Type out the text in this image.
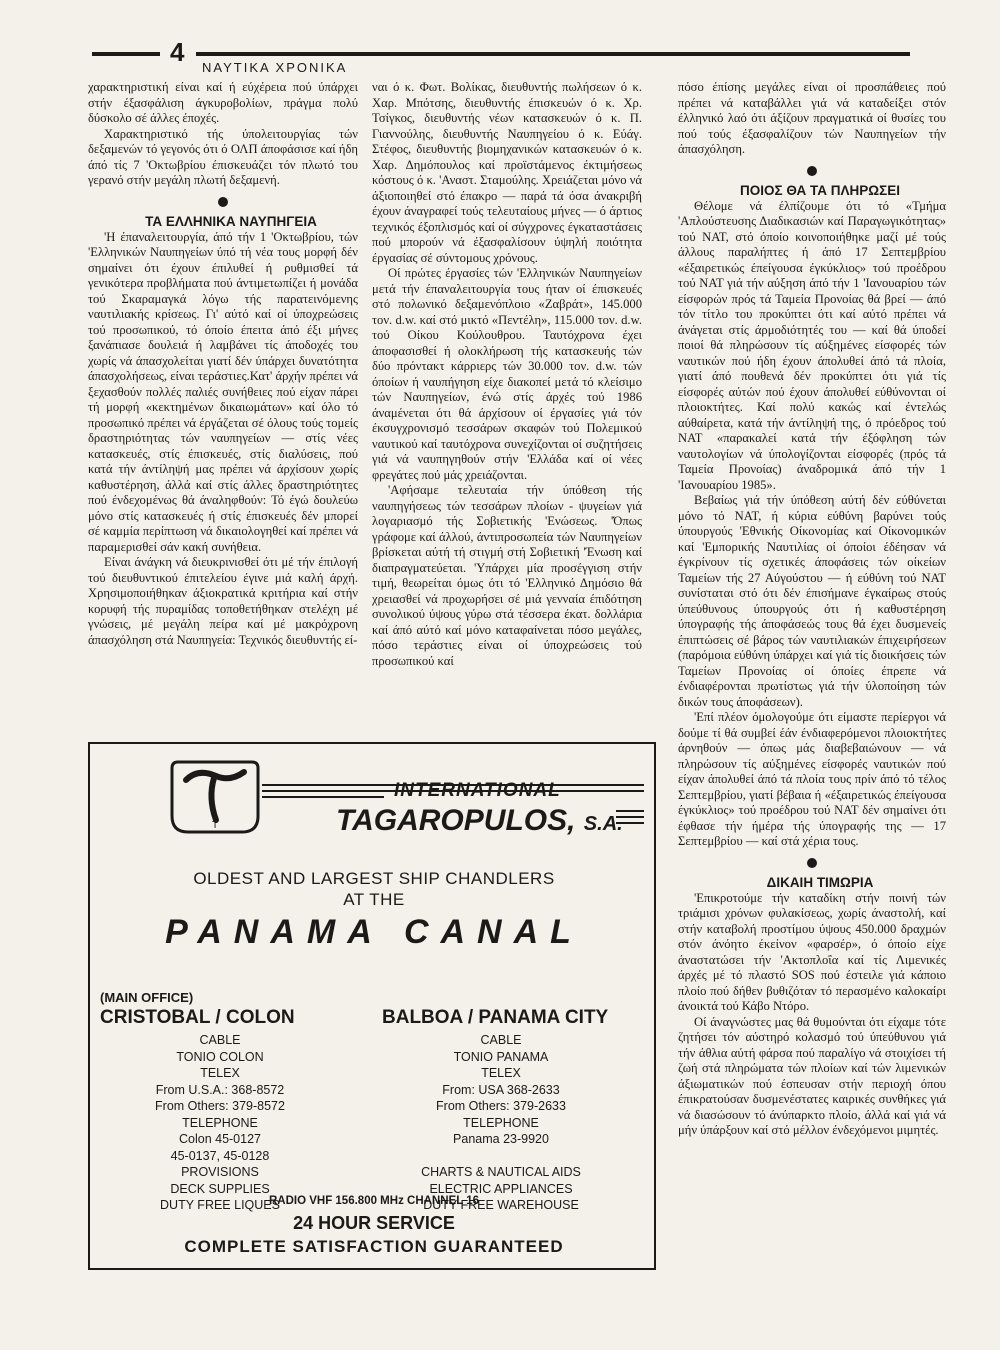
4
ΝΑΥΤΙΚΑ ΧΡΟΝΙΚΑ

χαρακτηριστική είναι καί ή εύχέρεια πού ύπάρχει στήν έξασφάλιση άγκυροβολίων, πράγμα πολύ δύσκολο σέ άλλες έποχές.

Χαρακτηριστικό τής ύπολειτουργίας τών δεξαμενών τό γεγονός ότι ό ΟΛΠ άποφάσισε καί ήδη άπό τίς 7 'Οκτωβρίου έπισκευάζει τόν πλωτό του γερανό στήν μεγάλη πλωτή δεξαμενή.

ΤΑ ΕΛΛΗΝΙΚΑ ΝΑΥΠΗΓΕΙΑ

'Η έπαναλειτουργία, άπό τήν 1 'Οκτωβρίου, τών 'Ελληνικών Ναυπηγείων ύπό τή νέα τους μορφή δέν σημαίνει ότι έχουν έπιλυθεί ή ρυθμισθεί τά γενικότερα προβλήματα πού άντιμετωπίζει ή μονάδα τού Σκαραμαγκά λόγω τής παρατεινόμενης ναυτιλιακής κρίσεως. Γι' αύτό καί οί ύποχρεώσεις τού προσωπικού, τό όποίο έπειτα άπό έξι μήνες ξανάπιασε δουλειά ή λαμβάνει τίς άποδοχές του χωρίς νά άπασχολείται γιατί δέν ύπάρχει δυνατότητα άπασχολήσεως, είναι τεράστιες.Κατ' άρχήν πρέπει νά ξεχασθούν πολλές παλιές συνήθειες πού είχαν πάρει τή μορφή «κεκτημένων δικαιωμάτων» καί όλο τό προσωπικό πρέπει νά έργάζεται σέ όλους τούς τομείς δραστηριότητας τών ναυπηγείων — στίς νέες κατασκευές, στίς έπισκευές, στίς διαλύσεις, πού κατά τήν άντίληψή μας πρέπει νά άρχίσουν χωρίς καθυστέρηση, άλλά καί στίς άλλες δραστηριότητες πού ένδεχομένως θά άναληφθούν: Τό έγώ δουλεύω μόνο στίς κατασκευές ή στίς έπισκευές δέν μπορεί σέ καμμία περίπτωση νά δικαιολογηθεί καί πρέπει νά παραμερισθεί σάν κακή συνήθεια.

Είναι άνάγκη νά διευκρινισθεί ότι μέ τήν έπιλογή τού διευθυντικού έπιτελείου έγινε μιά καλή άρχή. Χρησιμοποιήθηκαν άξιοκρατικά κριτήρια καί στήν κορυφή τής πυραμίδας τοποθετήθηκαν στελέχη μέ γνώσεις, μέ μεγάλη πείρα καί μέ μακρόχρονη άπασχόληση στά Ναυπηγεία: Τεχνικός διευθυντής εί-

ναι ό κ. Φωτ. Βολίκας, διευθυντής πωλήσεων ό κ. Χαρ. Μπότσης, διευθυντής έπισκευών ό κ. Χρ. Τσίγκος, διευθυντής νέων κατασκευών ό κ. Π. Γιαννούλης, διευθυντής Ναυπηγείου ό κ. Εύάγ. Στέφος, διευθυντής βιομηχανικών κατασκευών ό κ. Χαρ. Δημόπουλος καί προϊστάμενος έκτιμήσεως κόστους ό κ. 'Αναστ. Σταμούλης. Χρειάζεται μόνο νά άξιοποιηθεί στό έπακρο — παρά τά όσα άνακριβή έχουν άναγραφεί τούς τελευταίους μήνες — ό άρτιος τεχνικός έξοπλισμός καί οί σύγχρονες έγκαταστάσεις πού μπορούν νά έξασφαλίσουν ύψηλή ποιότητα έργασίας σέ σύντομους χρόνους.

Οί πρώτες έργασίες τών 'Ελληνικών Ναυπηγείων μετά τήν έπαναλειτουργία τους ήταν οί έπισκευές στό πολωνικό δεξαμενόπλοιο «Ζαβράτ», 145.000 τον. d.w. καί στό μικτό «Πεντέλη», 115.000 τον. d.w. τού Οίκου Κούλουθρου. Ταυτόχρονα έχει άποφασισθεί ή ολοκλήρωση τής κατασκευής τών δύο πρόντακτ κάρριερς τών 30.000 τον. d.w. τών όποίων ή ναυπήγηση είχε διακοπεί μετά τό κλείσιμο τών Ναυπηγείων, ένώ στίς άρχές τού 1986 άναμένεται ότι θά άρχίσουν οί έργασίες γιά τόν έκσυγχρονισμό τεσσάρων σκαφών τού Πολεμικού ναυτικού καί ταυτόχρονα συνεχίζονται οί συζητήσεις γιά νά ναυπηγηθούν στήν 'Ελλάδα καί οί νέες φρεγάτες πού μάς χρειάζονται.

'Αφήσαμε τελευταία τήν ύπόθεση τής ναυπηγήσεως τών τεσσάρων πλοίων - ψυγείων γιά λογαριασμό τής Σοβιετικής 'Ενώσεως. 'Όπως γράφομε καί άλλού, άντιπροσωπεία τών Ναυπηγείων βρίσκεται αύτή τή στιγμή στή Σοβιετική 'Ένωση καί διαπραγματεύεται. 'Υπάρχει μία προσέγγιση στήν τιμή, θεωρείται όμως ότι τό 'Ελληνικό Δημόσιο θά χρειασθεί νά προχωρήσει σέ μιά γενναία έπιδότηση συνολικού ύψους γύρω στά τέσσερα έκατ. δολλάρια καί άπό αύτό καί μόνο καταφαίνεται πόσο μεγάλες, πόσο τεράστιες είναι οί ύποχρεώσεις τού προσωπικού καί

πόσο έπίσης μεγάλες είναι οί προσπάθειες πού πρέπει νά καταβάλλει γιά νά καταδείξει στόν έλληνικό λαό ότι άξίζουν πραγματικά οί θυσίες του πού τούς έξασφαλίζουν τών Ναυπηγείων τήν άπασχόληση.

ΠΟΙΟΣ ΘΑ ΤΑ ΠΛΗΡΩΣΕΙ

Θέλομε νά έλπίζουμε ότι τό «Τμήμα 'Απλούστευσης Διαδικασιών καί Παραγωγικότητας» τού ΝΑΤ, στό όποίο κοινοποιήθηκε μαζί μέ τούς άλλους παραλήπτες ή άπό 17 Σεπτεμβρίου «έξαιρετικώς έπείγουσα έγκύκλιος» τού προέδρου τού ΝΑΤ γιά τήν αύξηση άπό τήν 1 'Ιανουαρίου τών είσφορών πρός τά Ταμεία Προνοίας θά βρεί — άπό τόν τίτλο του προκύπτει ότι καί αύτό πρέπει νά άνάγεται στίς άρμοδιότητές του — καί θά ύποδεί ποιοί θά πληρώσουν τίς αύξημένες είσφορές τών ναυτικών πού ήδη έχουν άπολυθεί άπό τά πλοία, γιατί άπό πουθενά δέν προκύπτει ότι γιά τίς είσφορές αύτών πού έχουν άπολυθεί εύθύνονται οί πλοιοκτήτες. Καί πολύ κακώς καί έντελώς αύθαίρετα, κατά τήν άντίληψή της, ό πρόεδρος τού ΝΑΤ «παρακαλεί κατά τήν έξόφληση τών ναυτολογίων νά ύπολογίζονται είσφορές (πρός τά Ταμεία Προνοίας) άναδρομικά άπό τήν 1 'Ιανουαρίου 1985».

Βεβαίως γιά τήν ύπόθεση αύτή δέν εύθύνεται μόνο τό ΝΑΤ, ή κύρια εύθύνη βαρύνει τούς ύπουργούς 'Εθνικής Οίκονομίας καί Οίκονομικών καί 'Εμπορικής Ναυτιλίας οί όποίοι έδέησαν νά έγκρίνουν τίς σχετικές άποφάσεις τών οίκείων Ταμείων τής 27 Αύγούστου — ή εύθύνη τού ΝΑΤ συνίσταται στό ότι δέν έπισήμανε έγκαίρως στούς ύπεύθυνους ύπουργούς ότι ή καθυστέρηση ύπογραφής τής άποφάσεώς τους θά έχει δυσμενείς έπιπτώσεις σέ βάρος τών ναυτιλιακών έπιχειρήσεων (παρόμοια εύθύνη ύπάρχει καί γιά τίς διοικήσεις τών Ταμείων Προνοίας οί όποίες έπρεπε νά ένδιαφέρονται πρωτίστως γιά τήν ύλοποίηση τών δικών τους άποφάσεων).

'Επί πλέον όμολογούμε ότι είμαστε περίεργοι νά δούμε τί θά συμβεί έάν ένδιαφερόμενοι πλοιοκτήτες άρνηθούν — όπως μάς διαβεβαιώνουν — νά πληρώσουν τίς αύξημένες είσφορές ναυτικών πού είχαν άπολυθεί άπό τά πλοία τους πρίν άπό τό τέλος Σεπτεμβρίου, γιατί βέβαια ή «έξαιρετικώς έπείγουσα έγκύκλιος» τού προέδρου τού ΝΑΤ δέν σημαίνει ότι έφθασε τήν ήμέρα τής ύπογραφής της — 17 Σεπτεμβρίου — καί στά χέρια τους.

ΔΙΚΑΙΗ ΤΙΜΩΡΙΑ

'Επικροτούμε τήν καταδίκη στήν ποινή τών τριάμισι χρόνων φυλακίσεως, χωρίς άναστολή, καί στήν καταβολή προστίμου ύψους 450.000 δραχμών στόν άνόητο έκείνον «φαρσέρ», ό όποίο είχε άναστατώσει τήν 'Ακτοπλοΐα καί τίς Λιμενικές άρχές μέ τό πλαστό SOS πού έστειλε γιά κάποιο πλοίο πού δήθεν βυθιζόταν τό περασμένο καλοκαίρι άνοικτά τού Κάβο Ντόρο.

Οί άναγνώστες μας θά θυμούνται ότι είχαμε τότε ζητήσει τόν αύστηρό κολασμό τού ύπεύθυνου γιά τήν άθλια αύτή φάρσα πού παραλίγο νά στοιχίσει τή ζωή στά πληρώματα τών πλοίων καί τών λιμενικών άξιωματικών πού έσπευσαν στήν περιοχή όπου έπικρατούσαν δυσμενέστατες καιρικές συνθήκες γιά νά διασώσουν τό άνύπαρκτο πλοίο, άλλά καί γιά νά μήν ύπάρξουν καί στό μέλλον ένδεχόμενοι μιμητές.

T
INTERNATIONAL
TAGAROPULOS, S.A.
OLDEST AND LARGEST SHIP CHANDLERS
AT THE
PANAMA CANAL
(MAIN OFFICE)
CRISTOBAL / COLON	BALBOA / PANAMA CITY
CABLE
TONIO COLON
TELEX
From U.S.A.: 368-8572
From Others: 379-8572
TELEPHONE
Colon 45-0127
45-0137, 45-0128
PROVISIONS
DECK SUPPLIES
DUTY FREE LIQUES
CABLE
TONIO PANAMA
TELEX
From: USA 368-2633
From Others: 379-2633
TELEPHONE
Panama 23-9920
CHARTS & NAUTICAL AIDS
ELECTRIC APPLIANCES
DUTY FREE WAREHOUSE
RADIO VHF 156.800 MHz CHANNEL 16
24 HOUR SERVICE
COMPLETE SATISFACTION GUARANTEED
